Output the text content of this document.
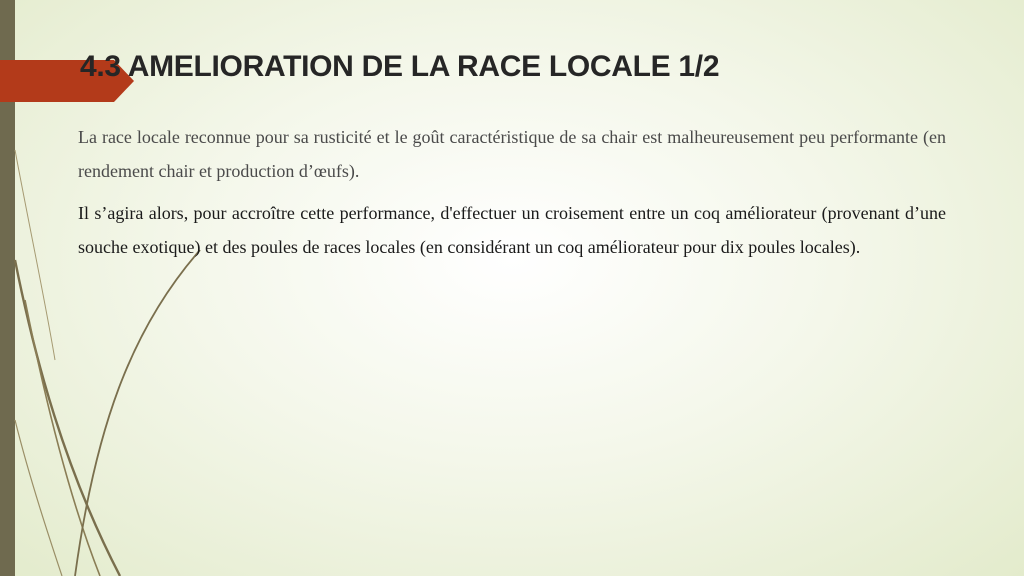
4.3 AMELIORATION DE LA RACE LOCALE 1/2

La race locale reconnue pour sa rusticité et le goût caractéristique de sa chair est malheureusement peu performante (en rendement chair et production d’œufs).

Il s’agira alors, pour accroître cette performance, d'effectuer un croisement entre un coq améliorateur (provenant d’une souche exotique) et des poules de races locales (en considérant un coq améliorateur pour dix poules locales).
